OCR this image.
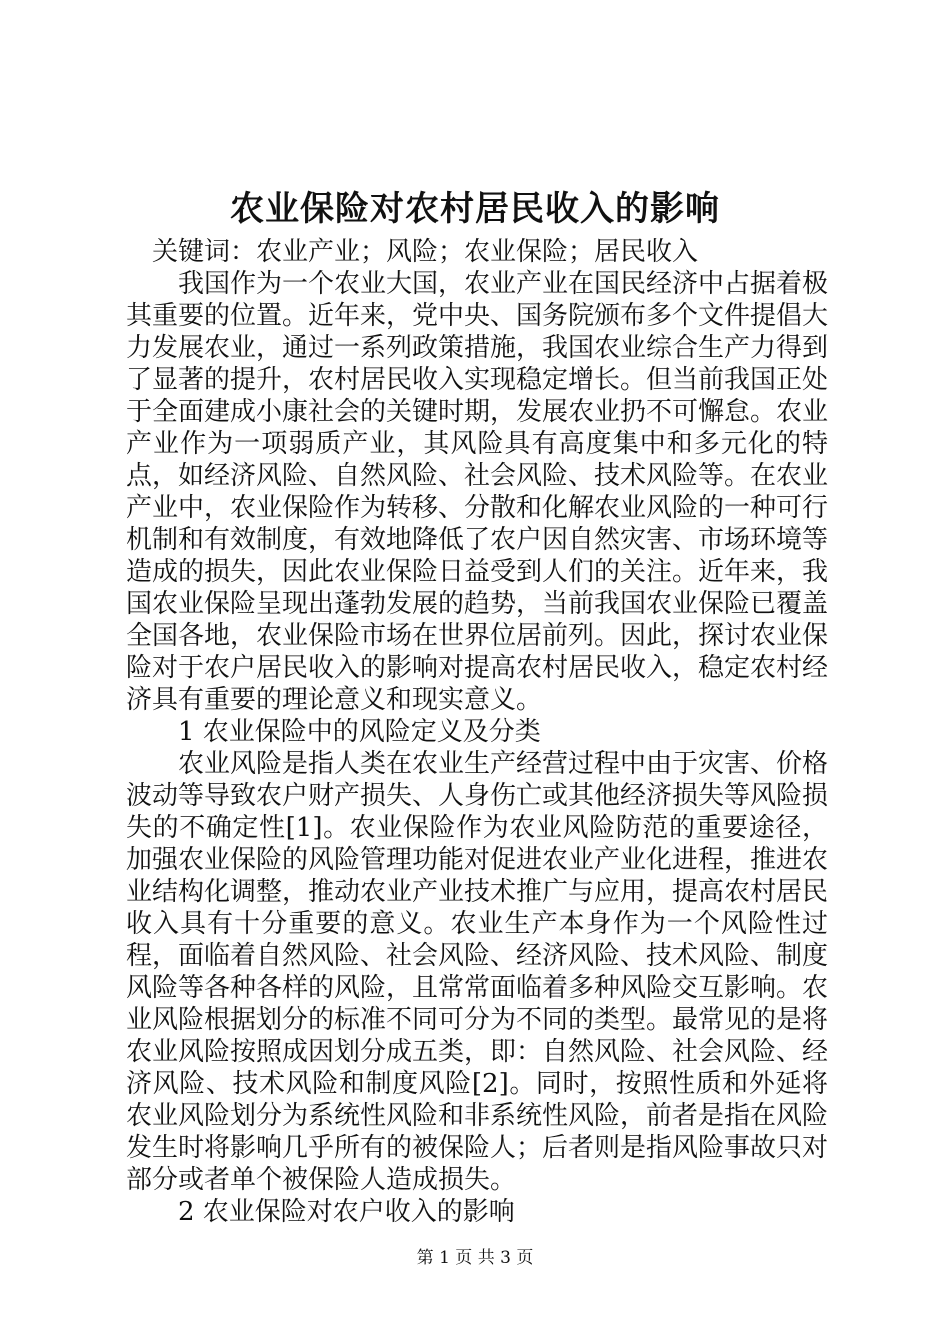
农业保险对农村居民收入的影响

关键词：农业产业；风险；农业保险；居民收入

我国作为一个农业大国，农业产业在国民经济中占据着极其重要的位置。近年来，党中央、国务院颁布多个文件提倡大力发展农业，通过一系列政策措施，我国农业综合生产力得到了显著的提升，农村居民收入实现稳定增长。但当前我国正处于全面建成小康社会的关键时期，发展农业扔不可懈怠。农业产业作为一项弱质产业，其风险具有高度集中和多元化的特点，如经济风险、自然风险、社会风险、技术风险等。在农业产业中，农业保险作为转移、分散和化解农业风险的一种可行机制和有效制度，有效地降低了农户因自然灾害、市场环境等造成的损失，因此农业保险日益受到人们的关注。近年来，我国农业保险呈现出蓬勃发展的趋势，当前我国农业保险已覆盖全国各地，农业保险市场在世界位居前列。因此，探讨农业保险对于农户居民收入的影响对提高农村居民收入，稳定农村经济具有重要的理论意义和现实意义。

1 农业保险中的风险定义及分类

农业风险是指人类在农业生产经营过程中由于灾害、价格波动等导致农户财产损失、人身伤亡或其他经济损失等风险损失的不确定性[1]。农业保险作为农业风险防范的重要途径，加强农业保险的风险管理功能对促进农业产业化进程，推进农业结构化调整，推动农业产业技术推广与应用，提高农村居民收入具有十分重要的意义。农业生产本身作为一个风险性过程，面临着自然风险、社会风险、经济风险、技术风险、制度风险等各种各样的风险，且常常面临着多种风险交互影响。农业风险根据划分的标准不同可分为不同的类型。最常见的是将农业风险按照成因划分成五类，即：自然风险、社会风险、经济风险、技术风险和制度风险[2]。同时，按照性质和外延将农业风险划分为系统性风险和非系统性风险，前者是指在风险发生时将影响几乎所有的被保险人；后者则是指风险事故只对部分或者单个被保险人造成损失。

2 农业保险对农户收入的影响

第 1 页 共 3 页
